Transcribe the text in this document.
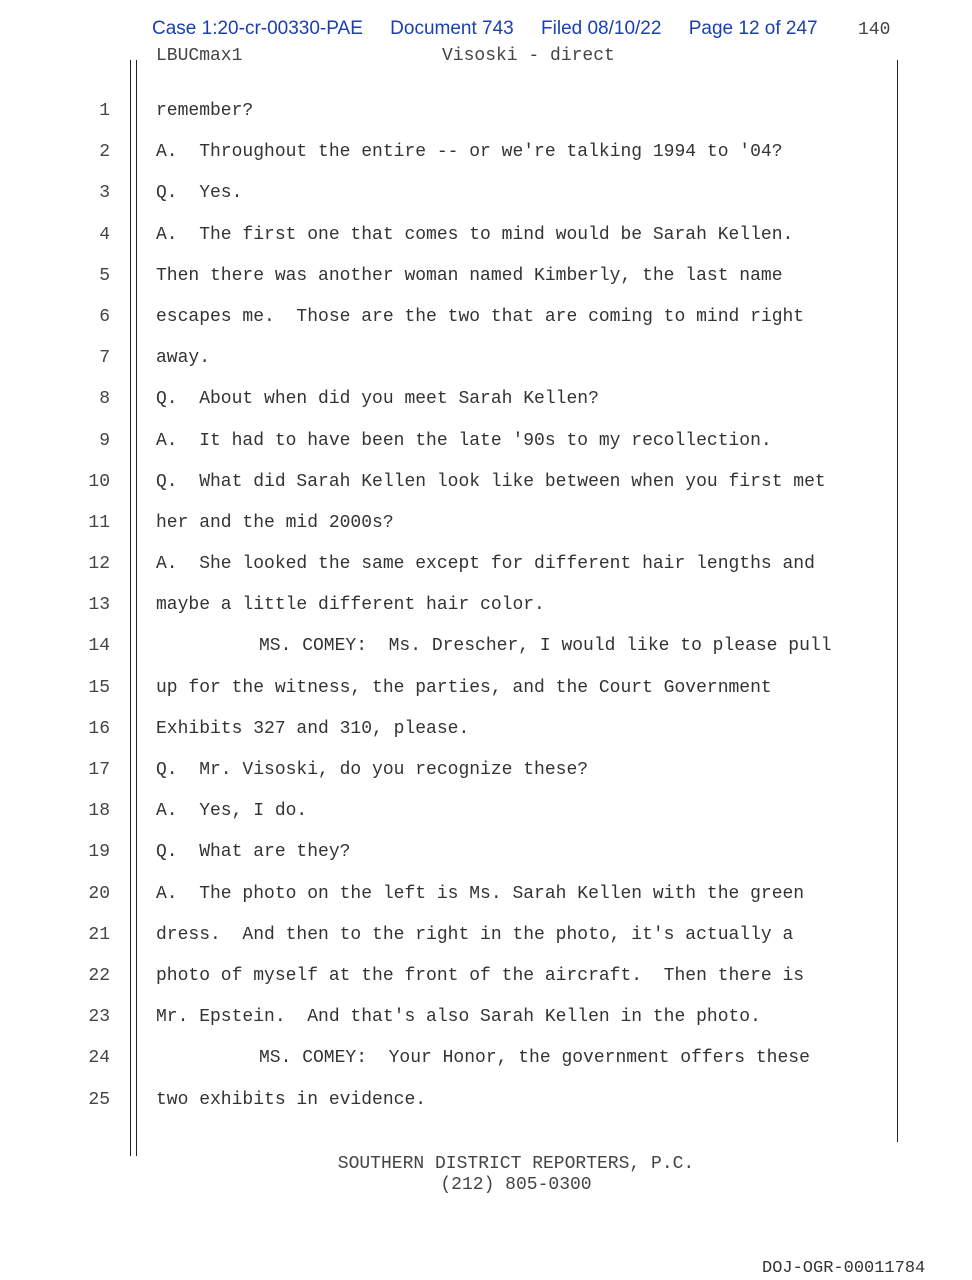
Case 1:20-cr-00330-PAE Document 743 Filed 08/10/22 Page 12 of 247	140
LBUCmax1	Visoski - direct
1	remember?
2	A.  Throughout the entire -- or we're talking 1994 to '04?
3	Q.  Yes.
4	A.  The first one that comes to mind would be Sarah Kellen.
5	Then there was another woman named Kimberly, the last name
6	escapes me.  Those are the two that are coming to mind right
7	away.
8	Q.  About when did you meet Sarah Kellen?
9	A.  It had to have been the late '90s to my recollection.
10	Q.  What did Sarah Kellen look like between when you first met
11	her and the mid 2000s?
12	A.  She looked the same except for different hair lengths and
13	maybe a little different hair color.
14	MS. COMEY:  Ms. Drescher, I would like to please pull
15	up for the witness, the parties, and the Court Government
16	Exhibits 327 and 310, please.
17	Q.  Mr. Visoski, do you recognize these?
18	A.  Yes, I do.
19	Q.  What are they?
20	A.  The photo on the left is Ms. Sarah Kellen with the green
21	dress.  And then to the right in the photo, it's actually a
22	photo of myself at the front of the aircraft.  Then there is
23	Mr. Epstein.  And that's also Sarah Kellen in the photo.
24	MS. COMEY:  Your Honor, the government offers these
25	two exhibits in evidence.
SOUTHERN DISTRICT REPORTERS, P.C.
(212) 805-0300
DOJ-OGR-00011784
